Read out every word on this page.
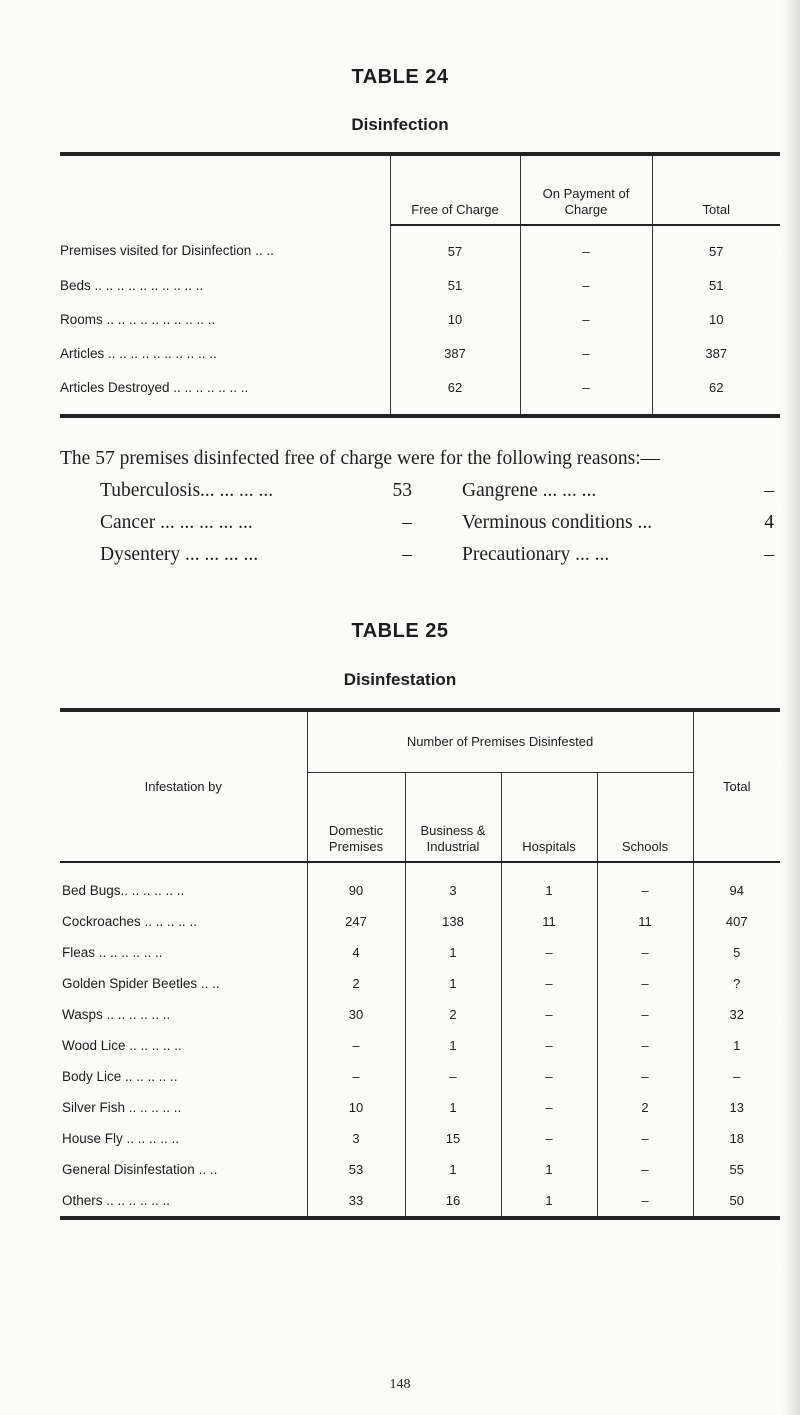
TABLE 24
Disinfection
	Free of Charge	On Payment of Charge	Total
Premises visited for Disinfection .. ..	57	–	57
Beds .. .. .. .. .. .. .. .. .. ..	51	–	51
Rooms .. .. .. .. .. .. .. .. .. ..	10	–	10
Articles .. .. .. .. .. .. .. .. .. ..	387	–	387
Articles Destroyed .. .. .. .. .. .. ..	62	–	62
The 57 premises disinfected free of charge were for the following reasons:—
Tuberculosis... ... ... ...	53	Gangrene ... ... ...	–
Cancer ... ... ... ... ...	–	Verminous conditions ...	4
Dysentery ... ... ... ...	–	Precautionary ... ...	–
TABLE 25
Disinfestation
Infestation by	Number of Premises Disinfested				Total
	Domestic Premises	Business & Industrial	Hospitals	Schools	
Bed Bugs.. .. .. .. .. ..	90	3	1	–	94
Cockroaches .. .. .. .. ..	247	138	11	11	407
Fleas .. .. .. .. .. ..	4	1	–	–	5
Golden Spider Beetles .. ..	2	1	–	–	?
Wasps .. .. .. .. .. ..	30	2	–	–	32
Wood Lice .. .. .. .. ..	–	1	–	–	1
Body Lice .. .. .. .. ..	–	–	–	–	–
Silver Fish .. .. .. .. ..	10	1	–	2	13
House Fly .. .. .. .. ..	3	15	–	–	18
General Disinfestation .. ..	53	1	1	–	55
Others .. .. .. .. .. ..	33	16	1	–	50
148
